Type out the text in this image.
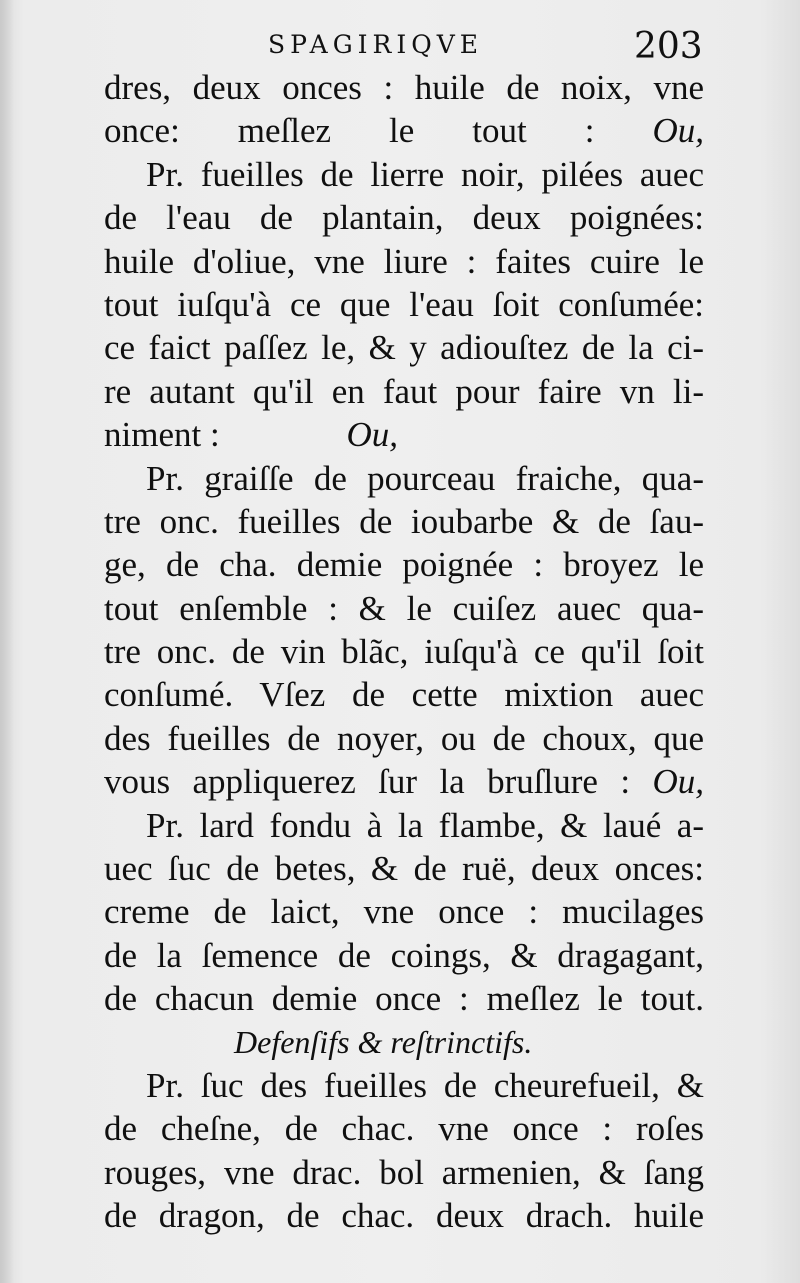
SPAGIRIQVE	203
dres, deux onces : huile de noix, vne
once: meſlez le tout : Ou,
Pr. fueilles de lierre noir, pilées auec
de l'eau de plantain, deux poignées:
huile d'oliue, vne liure : faites cuire le
tout iuſqu'à ce que l'eau ſoit conſumée:
ce faict paſſez le, & y adiouſtez de la ci-
re autant qu'il en faut pour faire vn li-
niment :	Ou,
Pr. graiſſe de pourceau fraiche, qua-
tre onc. fueilles de ioubarbe & de ſau-
ge, de cha. demie poignée : broyez le
tout enſemble : & le cuiſez auec qua-
tre onc. de vin blãc, iuſqu'à ce qu'il ſoit
conſumé. Vſez de cette mixtion auec
des fueilles de noyer, ou de choux, que
vous appliquerez ſur la bruſlure : Ou,
Pr. lard fondu à la flambe, & laué a-
uec ſuc de betes, & de ruë, deux onces:
creme de laict, vne once : mucilages
de la ſemence de coings, & dragagant,
de chacun demie once : meſlez le tout.
Defenſifs & reſtrinctifs.
Pr. ſuc des fueilles de cheurefueil, &
de cheſne, de chac. vne once : roſes
rouges, vne drac. bol armenien, & ſang
de dragon, de chac. deux drach. huile
